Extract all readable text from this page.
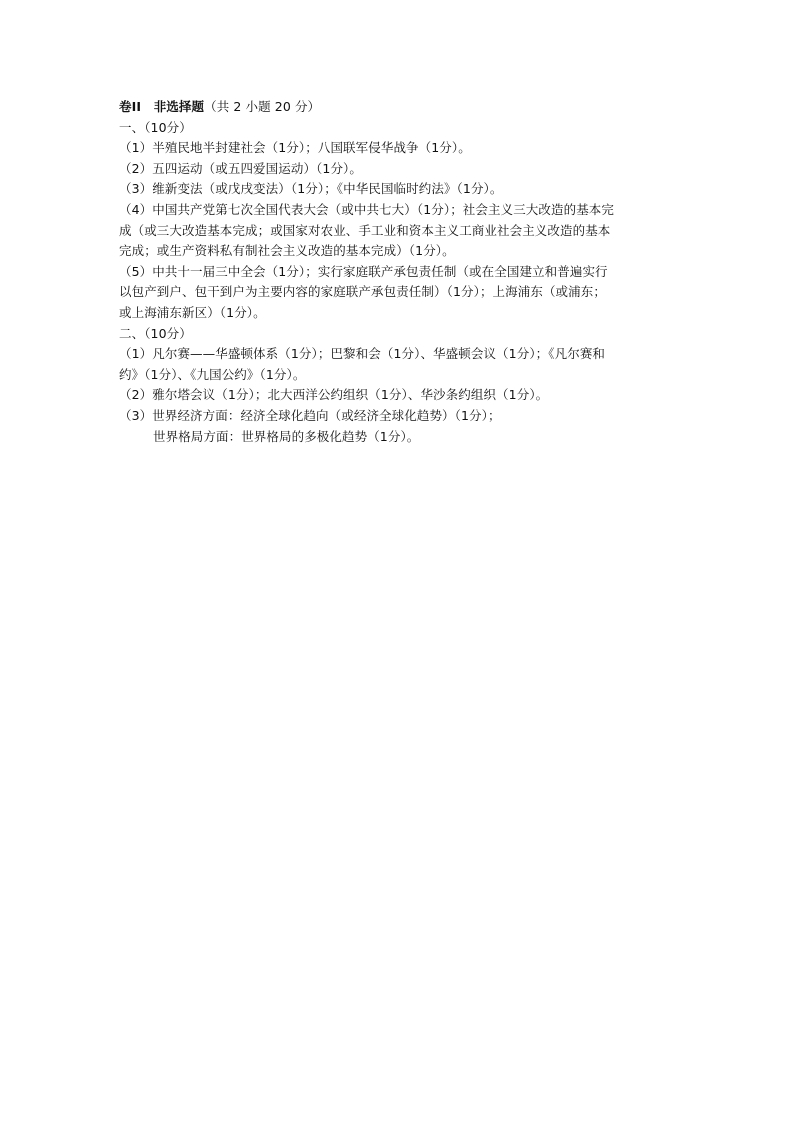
卷II　非选择题（共 2 小题 20 分）
一、（10分）
（1）半殖民地半封建社会（1分）；八国联军侵华战争（1分）。
（2）五四运动（或五四爱国运动）（1分）。
（3）维新变法（或戊戌变法）（1分）；《中华民国临时约法》（1分）。
（4）中国共产党第七次全国代表大会（或中共七大）（1分）；社会主义三大改造的基本完
成（或三大改造基本完成；或国家对农业、手工业和资本主义工商业社会主义改造的基本
完成；或生产资料私有制社会主义改造的基本完成）（1分）。
（5）中共十一届三中全会（1分）；实行家庭联产承包责任制（或在全国建立和普遍实行
以包产到户、包干到户为主要内容的家庭联产承包责任制）（1分）；上海浦东（或浦东；
或上海浦东新区）（1分）。
二、（10分）
（1）凡尔赛——华盛顿体系（1分）；巴黎和会（1分）、华盛顿会议（1分）；《凡尔赛和
约》（1分）、《九国公约》（1分）。
（2）雅尔塔会议（1分）；北大西洋公约组织（1分）、华沙条约组织（1分）。
（3）世界经济方面：经济全球化趋向（或经济全球化趋势）（1分）；
世界格局方面：世界格局的多极化趋势（1分）。
